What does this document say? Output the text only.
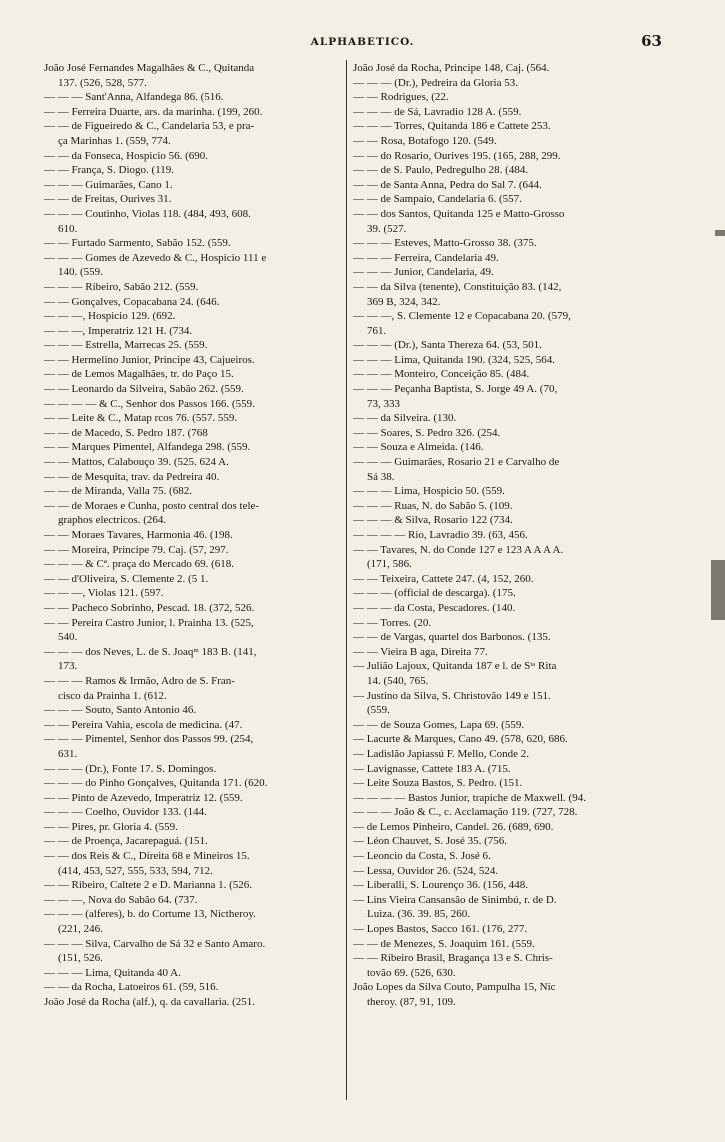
ALPHABETICO.	63
João José Fernandes Magalhães & C., Quitanda
137. (526, 528, 577.
— — — Sant'Anna, Alfandega 86. (516.
— — Ferreira Duarte, ars. da marinha. (199, 260.
— — de Figueiredo & C., Candelaria 53, e pra-
ça Marinhas 1. (559, 774.
— — da Fonseca, Hospicio 56. (690.
— — França, S. Diogo. (119.
— — — Guimarães, Cano 1.
— — de Freitas, Ourives 31.
— — — Coutinho, Violas 118. (484, 493, 608.
610.
— — Furtado Sarmento, Sabão 152. (559.
— — — Gomes de Azevedo & C., Hospicio 111 e
140. (559.
— — — Ribeiro, Sabão 212. (559.
— — Gonçalves, Copacabana 24. (646.
— — —, Hospicio 129. (692.
— — —, Imperatriz 121 H. (734.
— — — Estrella, Marrecas 25. (559.
— — Hermelino Junior, Principe 43, Cajueiros.
— — de Lemos Magalhães, tr. do Paço 15.
— — Leonardo da Silveira, Sabão 262. (559.
— — — — & C., Senhor dos Passos 166. (559.
— — Leite & C., Matap rcos 76. (557. 559.
— — de Macedo, S. Pedro 187. (768
— — Marques Pimentel, Alfandega 298. (559.
— — Mattos, Calabouço 39. (525. 624 A.
— — de Mesquita, trav. da Pedreira 40.
— — de Miranda, Valla 75. (682.
— — de Moraes e Cunha, posto central dos tele-
graphos electricos. (264.
— — Moraes Tavares, Harmonia 46. (198.
— — Moreira, Principe 79. Caj. (57, 297.
— — — & Cª. praça do Mercado 69. (618.
— — d'Oliveira, S. Clemente 2. (5 1.
— — —, Violas 121. (597.
— — Pacheco Sobrinho, Pescad. 18. (372, 526.
— — Pereira Castro Junior, l. Prainha 13. (525,
540.
— — — dos Neves, L. de S. Joaqᵐ 183 B. (141,
173.
— — — Ramos & Irmão, Adro de S. Fran-
cisco da Prainha 1. (612.
— — — Souto, Santo Antonio 46.
— — Pereira Vahia, escola de medicina. (47.
— — — Pimentel, Senhor dos Passos 99. (254,
631.
— — — (Dr.), Fonte 17. S. Domingos.
— — — do Pinho Gonçalves, Quitanda 171. (620.
— — Pinto de Azevedo, Imperatriz 12. (559.
— — — Coelho, Ouvidor 133. (144.
— — Pires, pr. Gloria 4. (559.
— — de Proença, Jacarepaguá. (151.
— — dos Reis & C., Direita 68 e Mineiros 15.
(414, 453, 527, 555, 533, 594, 712.
— — Ribeiro, Caltete 2 e D. Marianna 1. (526.
— — —, Nova do Sabão 64. (737.
— — — (alferes), b. do Cortume 13, Nictheroy.
(221, 246.
— — — Silva, Carvalho de Sá 32 e Santo Amaro.
(151, 526.
— — — Lima, Quitanda 40 A.
— — da Rocha, Latoeiros 61. (59, 516.
João José da Rocha (alf.), q. da cavallaria. (251.
João José da Rocha, Principe 148, Caj. (564.
— — — (Dr.), Pedreira da Gloria 53.
— — Rodrigues, (22.
— — — de Sá, Lavradio 128 A. (559.
— — — Torres, Quitanda 186 e Cattete 253.
— — Rosa, Botafogo 120. (549.
— — do Rosario, Ourives 195. (165, 288, 299.
— — de S. Paulo, Pedregulho 28. (484.
— — de Santa Anna, Pedra do Sal 7. (644.
— — de Sampaio, Candelaria 6. (557.
— — dos Santos, Quitanda 125 e Matto-Grosso
39. (527.
— — — Esteves, Matto-Grosso 38. (375.
— — — Ferreira, Candelaria 49.
— — — Junior, Candelaria, 49.
— — da Silva (tenente), Constituição 83. (142,
369 B, 324, 342.
— — —, S. Clemente 12 e Copacabana 20. (579,
761.
— — — (Dr.), Santa Thereza 64. (53, 501.
— — — Lima, Quitanda 190. (324, 525, 564.
— — — Monteiro, Conceição 85. (484.
— — — Peçanha Baptista, S. Jorge 49 A. (70,
73, 333
— — da Silveira. (130.
— — Soares, S. Pedro 326. (254.
— — Souza e Almeida. (146.
— — — Guimarães, Rosario 21 e Carvalho de
Sá 38.
— — — Lima, Hospicio 50. (559.
— — — Ruas, N. do Sabão 5. (109.
— — — & Silva, Rosario 122 (734.
— — — — Rio, Lavradio 39. (63, 456.
— — Tavares, N. do Conde 127 e 123 A A A A.
(171, 586.
— — Teixeira, Cattete 247. (4, 152, 260.
— — — (official de descarga). (175.
— — — da Costa, Pescadores. (140.
— — Torres. (20.
— — de Vargas, quartel dos Barbonos. (135.
— — Vieira B aga, Direita 77.
— Julião Lajoux, Quitanda 187 e l. de Sᵗᵃ Rita
14. (540, 765.
— Justino da Silva, S. Christovão 149 e 151.
(559.
— — de Souza Gomes, Lapa 69. (559.
— Lacurte & Marques, Cano 49. (578, 620, 686.
— Ladislão Japiassú F. Mello, Conde 2.
— Lavignasse, Cattete 183 A. (715.
— Leite Souza Bastos, S. Pedro. (151.
— — — — Bastos Junior, trapiche de Maxwell. (94.
— — — João & C., c. Acclamação 119. (727, 728.
— de Lemos Pinheiro, Candel. 26. (689, 690.
— Léon Chauvet, S. José 35. (756.
— Leoncio da Costa, S. José 6.
— Lessa, Ouvidor 26. (524, 524.
— Liberalli, S. Lourenço 36. (156, 448.
— Lins Vieira Cansansão de Sinimbú, r. de D.
Luiza. (36. 39. 85, 260.
— Lopes Bastos, Sacco 161. (176, 277.
— — de Menezes, S. Joaquim 161. (559.
— — Ribeiro Brasil, Bragança 13 e S. Chris-
tovão 69. (526, 630.
João Lopes da Silva Couto, Pampulha 15, Nic
theroy. (87, 91, 109.
